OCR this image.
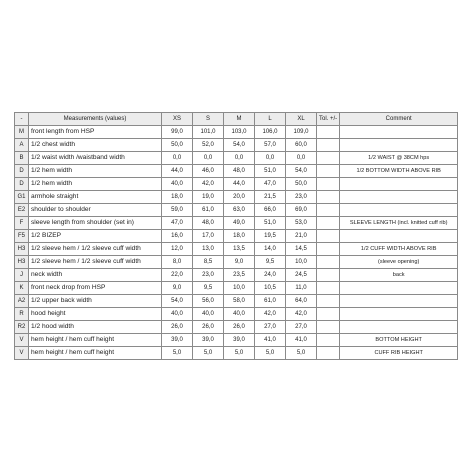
-	Measurements (values)	XS	S	M	L	XL	Tol. +/-	Comment
M	front length from HSP	99,0	101,0	103,0	106,0	109,0		
A	1/2 chest width	50,0	52,0	54,0	57,0	60,0		
B	1/2 waist width /waistband width	0,0	0,0	0,0	0,0	0,0		1/2 WAIST @ 38CM hps
D	1/2 hem width	44,0	46,0	48,0	51,0	54,0		1/2 BOTTOM WIDTH ABOVE RIB
D	1/2 hem width	40,0	42,0	44,0	47,0	50,0		
G1	armhole straight	18,0	19,0	20,0	21,5	23,0		
E2	shoulder to shoulder	59,0	61,0	63,0	66,0	69,0		
F	sleeve length from shoulder (set in)	47,0	48,0	49,0	51,0	53,0		SLEEVE LENGTH (incl. knitted cuff rib)
F5	1/2 BIZEP	16,0	17,0	18,0	19,5	21,0		
H3	1/2 sleeve hem / 1/2 sleeve cuff width	12,0	13,0	13,5	14,0	14,5		1/2 CUFF WIDTH ABOVE RIB
H3	1/2 sleeve hem / 1/2 sleeve cuff width	8,0	8,5	9,0	9,5	10,0		(sleeve opening)
J	neck width	22,0	23,0	23,5	24,0	24,5		back
K	front neck drop from HSP	9,0	9,5	10,0	10,5	11,0		
A2	1/2 upper back width	54,0	56,0	58,0	61,0	64,0		
R	hood height	40,0	40,0	40,0	42,0	42,0		
R2	1/2 hood width	26,0	26,0	26,0	27,0	27,0		
V	hem height / hem cuff height	39,0	39,0	39,0	41,0	41,0		BOTTOM HEIGHT
V	hem height / hem cuff height	5,0	5,0	5,0	5,0	5,0		CUFF RIB HEIGHT
